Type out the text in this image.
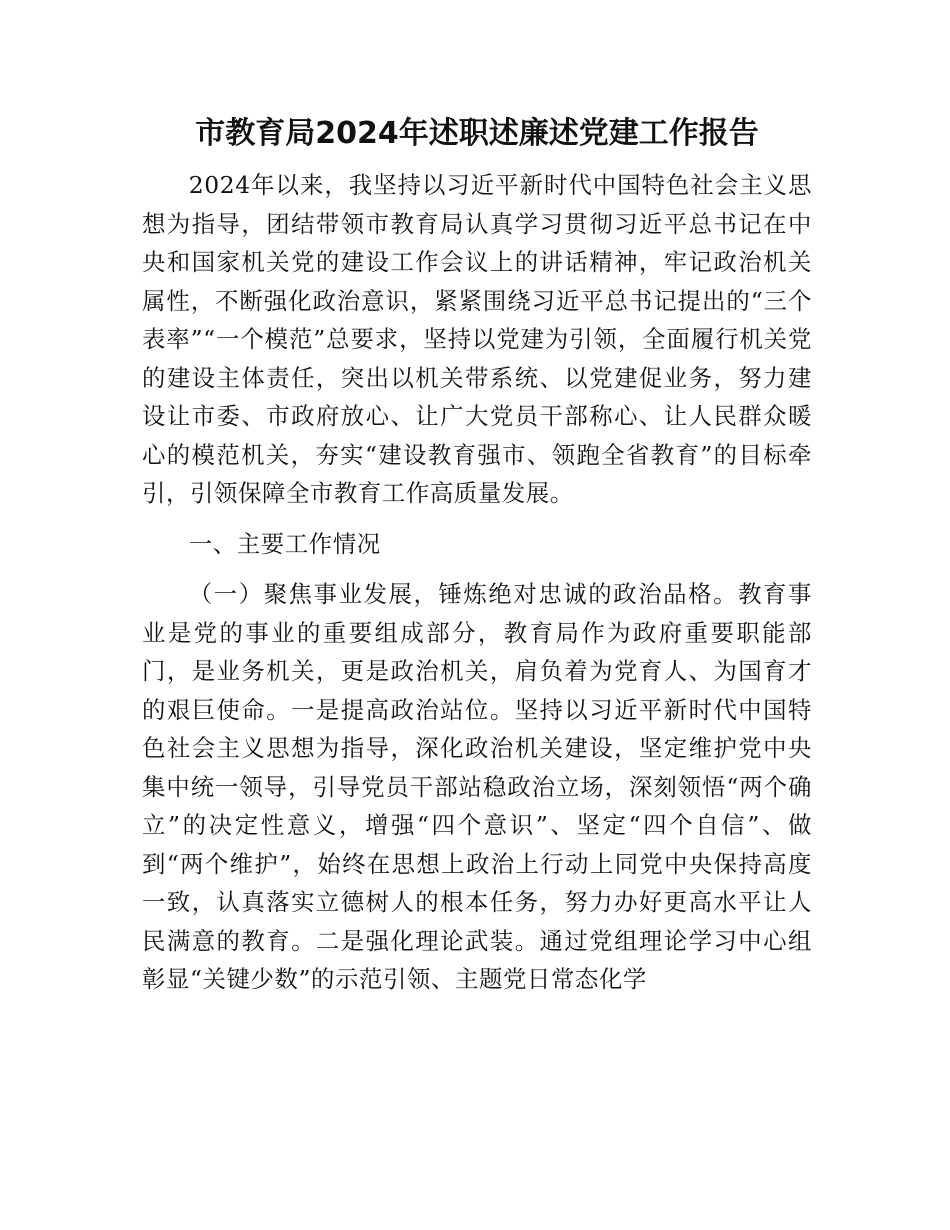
市教育局2024年述职述廉述党建工作报告

2024年以来，我坚持以习近平新时代中国特色社会主义思想为指导，团结带领市教育局认真学习贯彻习近平总书记在中央和国家机关党的建设工作会议上的讲话精神，牢记政治机关属性，不断强化政治意识，紧紧围绕习近平总书记提出的“三个表率”“一个模范”总要求，坚持以党建为引领，全面履行机关党的建设主体责任，突出以机关带系统、以党建促业务，努力建设让市委、市政府放心、让广大党员干部称心、让人民群众暖心的模范机关，夯实“建设教育强市、领跑全省教育”的目标牵引，引领保障全市教育工作高质量发展。

一、主要工作情况

（一）聚焦事业发展，锤炼绝对忠诚的政治品格。教育事业是党的事业的重要组成部分，教育局作为政府重要职能部门，是业务机关，更是政治机关，肩负着为党育人、为国育才的艰巨使命。一是提高政治站位。坚持以习近平新时代中国特色社会主义思想为指导，深化政治机关建设，坚定维护党中央集中统一领导，引导党员干部站稳政治立场，深刻领悟“两个确立”的决定性意义，增强“四个意识”、坚定“四个自信”、做到“两个维护”，始终在思想上政治上行动上同党中央保持高度一致，认真落实立德树人的根本任务，努力办好更高水平让人民满意的教育。二是强化理论武装。通过党组理论学习中心组彰显“关键少数”的示范引领、主题党日常态化学
